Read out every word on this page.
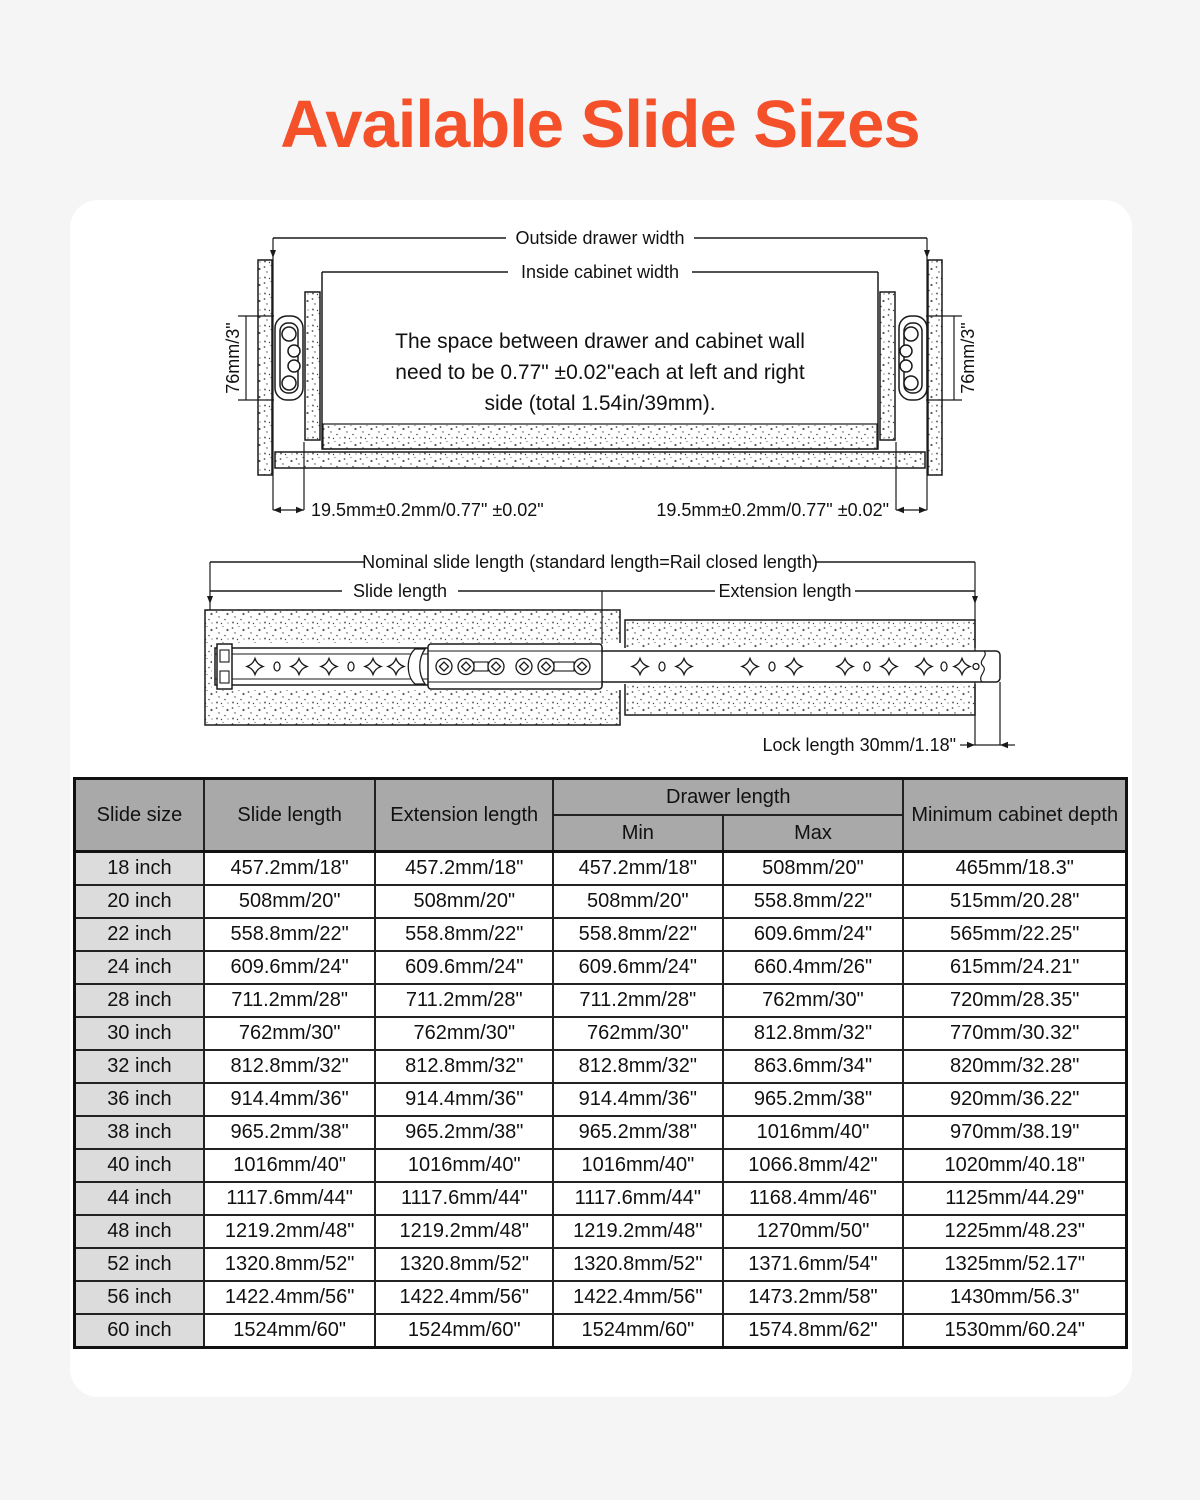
Available Slide Sizes
Outside drawer width
Inside cabinet width
The space between drawer and cabinet wall
need to be 0.77" ±0.02"each at left and right
side (total 1.54in/39mm).
76mm/3"	76mm/3"
19.5mm±0.2mm/0.77" ±0.02"	19.5mm±0.2mm/0.77" ±0.02"
Nominal slide length (standard length=Rail closed length)
Slide length	Extension length
Lock length 30mm/1.18"
Slide size	Slide length	Extension length	Drawer length		Minimum cabinet depth
			Min	Max	
18 inch	457.2mm/18"	457.2mm/18"	457.2mm/18"	508mm/20"	465mm/18.3"
20 inch	508mm/20"	508mm/20"	508mm/20"	558.8mm/22"	515mm/20.28"
22 inch	558.8mm/22"	558.8mm/22"	558.8mm/22"	609.6mm/24"	565mm/22.25"
24 inch	609.6mm/24"	609.6mm/24"	609.6mm/24"	660.4mm/26"	615mm/24.21"
28 inch	711.2mm/28"	711.2mm/28"	711.2mm/28"	762mm/30"	720mm/28.35"
30 inch	762mm/30"	762mm/30"	762mm/30"	812.8mm/32"	770mm/30.32"
32 inch	812.8mm/32"	812.8mm/32"	812.8mm/32"	863.6mm/34"	820mm/32.28"
36 inch	914.4mm/36"	914.4mm/36"	914.4mm/36"	965.2mm/38"	920mm/36.22"
38 inch	965.2mm/38"	965.2mm/38"	965.2mm/38"	1016mm/40"	970mm/38.19"
40 inch	1016mm/40"	1016mm/40"	1016mm/40"	1066.8mm/42"	1020mm/40.18"
44 inch	1117.6mm/44"	1117.6mm/44"	1117.6mm/44"	1168.4mm/46"	1125mm/44.29"
48 inch	1219.2mm/48"	1219.2mm/48"	1219.2mm/48"	1270mm/50"	1225mm/48.23"
52 inch	1320.8mm/52"	1320.8mm/52"	1320.8mm/52"	1371.6mm/54"	1325mm/52.17"
56 inch	1422.4mm/56"	1422.4mm/56"	1422.4mm/56"	1473.2mm/58"	1430mm/56.3"
60 inch	1524mm/60"	1524mm/60"	1524mm/60"	1574.8mm/62"	1530mm/60.24"
